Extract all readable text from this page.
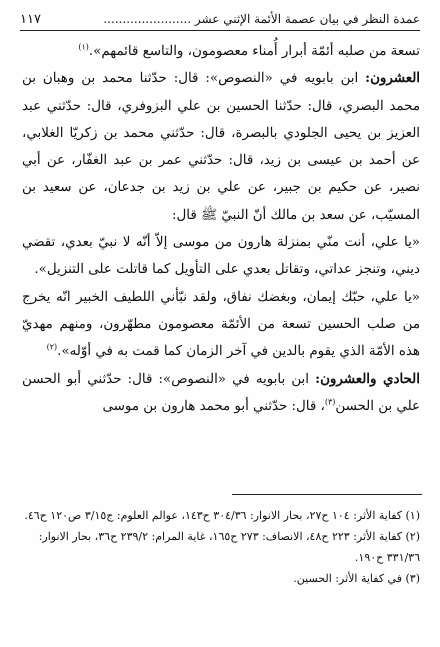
عمدة النظر في بيان عصمة الأئمة الإثني عشر .......................
١١٧

تسعة من صلبه أئمّة أبرار أُمناء معصومون، والتاسع قائمهم».$^{(١)}$

العشرون: ابن بابويه في «النصوص»: قال: حدّثنا محمد بن وهبان بن محمد البصري، قال: حدّثنا الحسين بن علي البزوفري، قال: حدّثني عبد العزيز بن يحيى الجلودي بالبصرة، قال: حدّثني محمد بن زكريّا الغلابي، عن أحمد بن عيسى بن زيد، قال: حدّثني عمر بن عبد الغفّار، عن أبي نصير، عن حكيم بن جبير، عن علي بن زيد بن جدعان، عن سعيد بن المسيّب، عن سعد بن مالك أنّ النبيّ ﷺ قال:

«يا علي، أنت منّي بمنزلة هارون من موسى إلاّ أنّه لا نبيّ بعدي، تقضي ديني، وتنجز عداتي، وتقاتل بعدي على التأويل كما قاتلت على التنزيل».

«يا علي، حبّك إيمان، وبغضك نفاق، ولقد نبّأني اللطيف الخبير انّه يخرج من صلب الحسين تسعة من الأئمّة معصومون مطهّرون، ومنهم مهديّ هذه الأمّة الذي يقوم بالدين في آخر الزمان كما قمت به في أوّله».$^{(٢)}$

الحادي والعشرون: ابن بابويه في «النصوص»: قال: حدّثني أبو الحسن علي بن الحسن$^{(٣)}$، قال: حدّثني أبو محمد هارون بن موسى

(١) كفاية الأثر: ١٠٤ ح٢٧، بحار الانوار: ٣٠٤/٣٦ ح١٤٣، عوالم العلوم: ج٣/١٥ ص١٢٠ ح٤٦.

(٢) كفاية الأثر: ٢٢٣ ح٤٨، الانصاف: ٢٧٣ ح١٦٥، غاية المرام: ٢٣٩/٢ ح٣٦، بحار الانوار: ٣٣١/٣٦ ح١٩٠.

(٣) في كفاية الأثر: الحسين.
